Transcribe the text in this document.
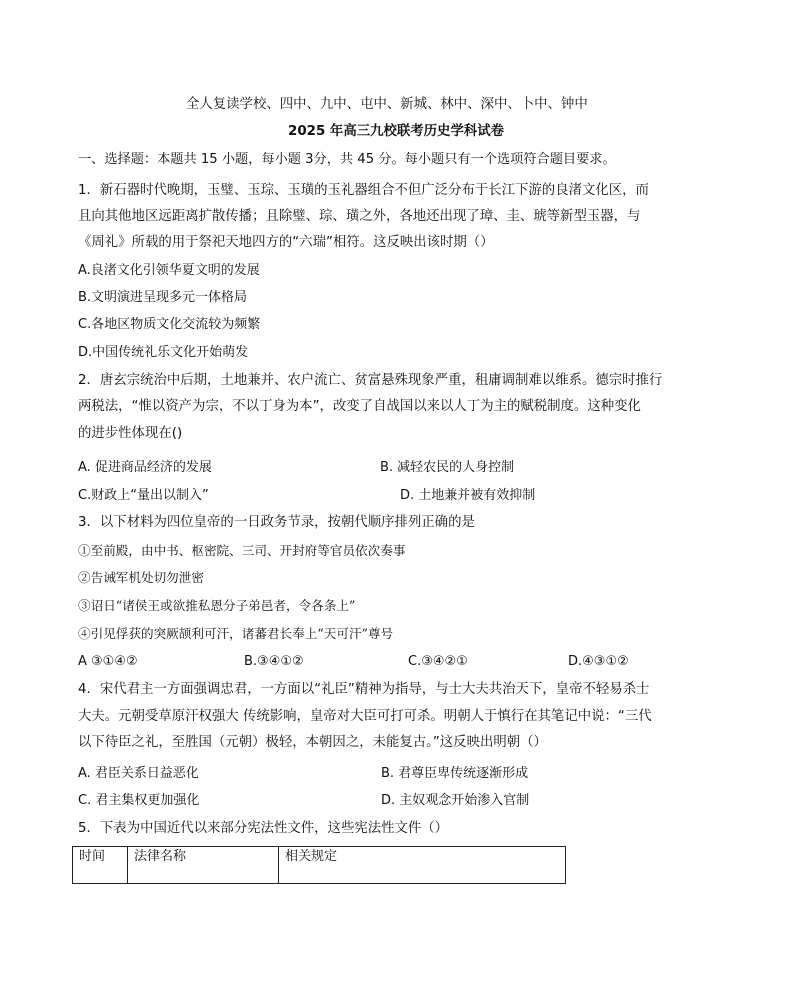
全人复读学校、四中、九中、屯中、新城、林中、深中、卜中、钟中
2025 年高三九校联考历史学科试卷
一、选择题：本题共 15 小题，每小题 3分，共 45 分。每小题只有一个选项符合题目要求。
1．新石器时代晚期，玉璧、玉琮、玉璜的玉礼器组合不但广泛分布于长江下游的良渚文化区，而
且向其他地区远距离扩散传播；且除璧、琮、璜之外，各地还出现了璋、圭、琥等新型玉器，与
《周礼》所载的用于祭祀天地四方的“六瑞”相符。这反映出该时期（）
A.良渚文化引领华夏文明的发展
B.文明演进呈现多元一体格局
C.各地区物质文化交流较为频繁
D.中国传统礼乐文化开始萌发
2．唐玄宗统治中后期，土地兼并、农户流亡、贫富悬殊现象严重，租庸调制难以维系。德宗时推行
两税法，“惟以资产为宗，不以丁身为本”，改变了自战国以来以人丁为主的赋税制度。这种变化
的进步性体现在()
A. 促进商品经济的发展	B. 减轻农民的人身控制
C.财政上“量出以制入”	D. 土地兼并被有效抑制
3．以下材料为四位皇帝的一日政务节录，按朝代顺序排列正确的是
①至前殿，由中书、枢密院、三司、开封府等官员依次奏事
②告诫军机处切勿泄密
③诏日“诸侯王或欲推私恩分子弟邑者，令各条上”
④引见俘获的突厥颉利可汗，诸蕃君长奉上“天可汗”尊号
A ③①④②	B.③④①②	C.③④②①	D.④③①②
4．宋代君主一方面强调忠君，一方面以“礼臣”精神为指导，与士大夫共治天下，皇帝不轻易杀士
大夫。元朝受草原汗权强大 传统影响，皇帝对大臣可打可杀。明朝人于慎行在其笔记中说：“三代
以下待臣之礼，至胜国（元朝）极轻，本朝因之，未能复古。”这反映出明朝（）
A. 君臣关系日益恶化	B. 君尊臣卑传统逐渐形成
C. 君主集权更加强化	D. 主奴观念开始渗入官制
5．下表为中国近代以来部分宪法性文件，这些宪法性文件（）
时间	法律名称	相关规定
